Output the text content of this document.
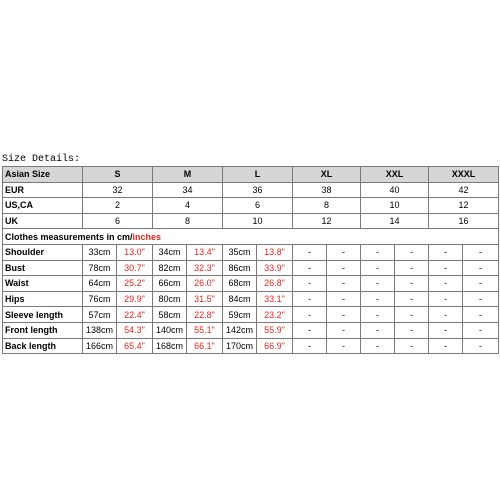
Size Details:
Asian Size	S		M		L		XL		XXL		XXXL	
EUR	32		34		36		38		40		42	
US,CA	2		4		6		8		10		12	
UK	6		8		10		12		14		16	
Clothes measurements in cm/inches												
Shoulder	33cm	13.0"	34cm	13.4"	35cm	13.8"	-	-	-	-	-	-
Bust	78cm	30.7"	82cm	32.3"	86cm	33.9"	-	-	-	-	-	-
Waist	64cm	25.2"	66cm	26.0"	68cm	26.8"	-	-	-	-	-	-
Hips	76cm	29.9"	80cm	31.5"	84cm	33.1"	-	-	-	-	-	-
Sleeve length	57cm	22.4"	58cm	22.8"	59cm	23.2"	-	-	-	-	-	-
Front length	138cm	54.3"	140cm	55.1"	142cm	55.9"	-	-	-	-	-	-
Back length	166cm	65.4"	168cm	66.1"	170cm	66.9"	-	-	-	-	-	-
